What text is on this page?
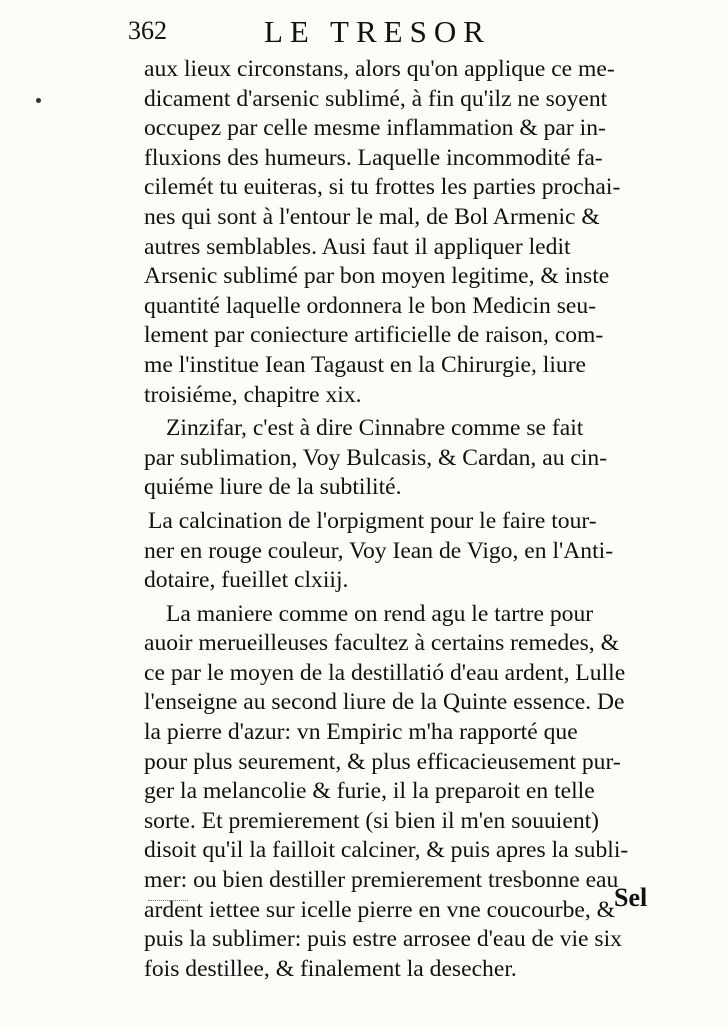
362	LE TRESOR
aux lieux circonstans, alors qu'on applique ce me-
dicament d'arsenic sublimé, à fin qu'ilz ne soyent
occupez par celle mesme inflammation & par in-
fluxions des humeurs. Laquelle incommodité fa-
cilemét tu euiteras, si tu frottes les parties prochai-
nes qui sont à l'entour le mal, de Bol Armenic &
autres semblables. Ausi faut il appliquer ledit
Arsenic sublimé par bon moyen legitime, & inste
quantité laquelle ordonnera le bon Medicin seu-
lement par coniecture artificielle de raison, com-
me l'institue Iean Tagaust en la Chirurgie, liure
troisiéme, chapitre xix.
Zinzifar, c'est à dire Cinnabre comme se fait
par sublimation, Voy Bulcasis, & Cardan, au cin-
quiéme liure de la subtilité.
La calcination de l'orpigment pour le faire tour-
ner en rouge couleur, Voy Iean de Vigo, en l'Anti-
dotaire, fueillet clxiij.
La maniere comme on rend agu le tartre pour
auoir merueilleuses facultez à certains remedes, &
ce par le moyen de la destillatió d'eau ardent, Lulle
l'enseigne au second liure de la Quinte essence. De
la pierre d'azur: vn Empiric m'ha rapporté que
pour plus seurement, & plus efficacieusement pur-
ger la melancolie & furie, il la preparoit en telle
sorte. Et premierement (si bien il m'en souuient)
disoit qu'il la failloit calciner, & puis apres la subli-
mer: ou bien destiller premierement tresbonne eau
ardent iettee sur icelle pierre en vne coucourbe, &
puis la sublimer: puis estre arrosee d'eau de vie six
fois destillee, & finalement la desecher.
Sel
